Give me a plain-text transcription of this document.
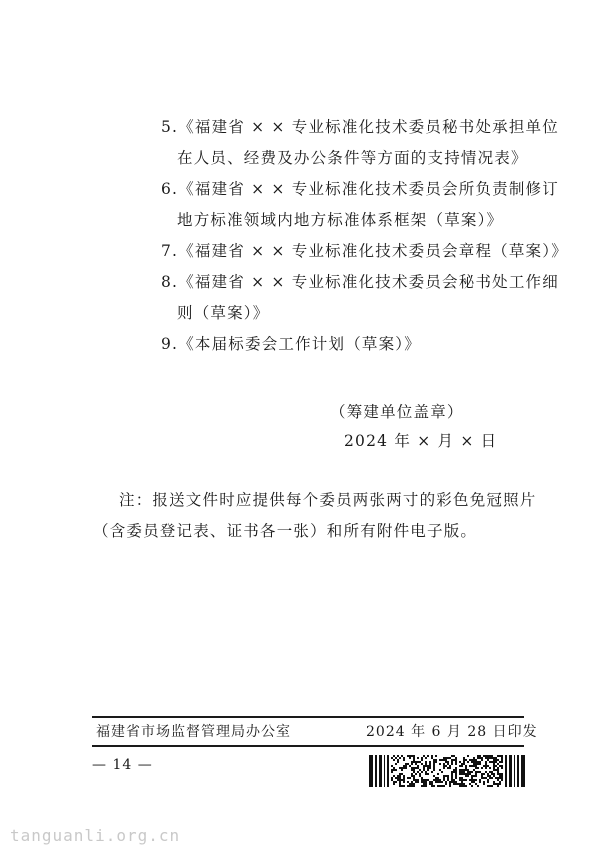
5.《福建省 × × 专业标准化技术委员秘书处承担单位
在人员、经费及办公条件等方面的支持情况表》
6.《福建省 × × 专业标准化技术委员会所负责制修订
地方标准领域内地方标准体系框架（草案）》
7.《福建省 × × 专业标准化技术委员会章程（草案）》
8.《福建省 × × 专业标准化技术委员会秘书处工作细
则（草案）》
9.《本届标委会工作计划（草案）》
（筹建单位盖章）
2024 年 × 月 × 日
注：报送文件时应提供每个委员两张两寸的彩色免冠照片
（含委员登记表、证书各一张）和所有附件电子版。
福建省市场监督管理局办公室	2024 年 6 月 28 日印发
— 14 —
tanguanli.org.cn
